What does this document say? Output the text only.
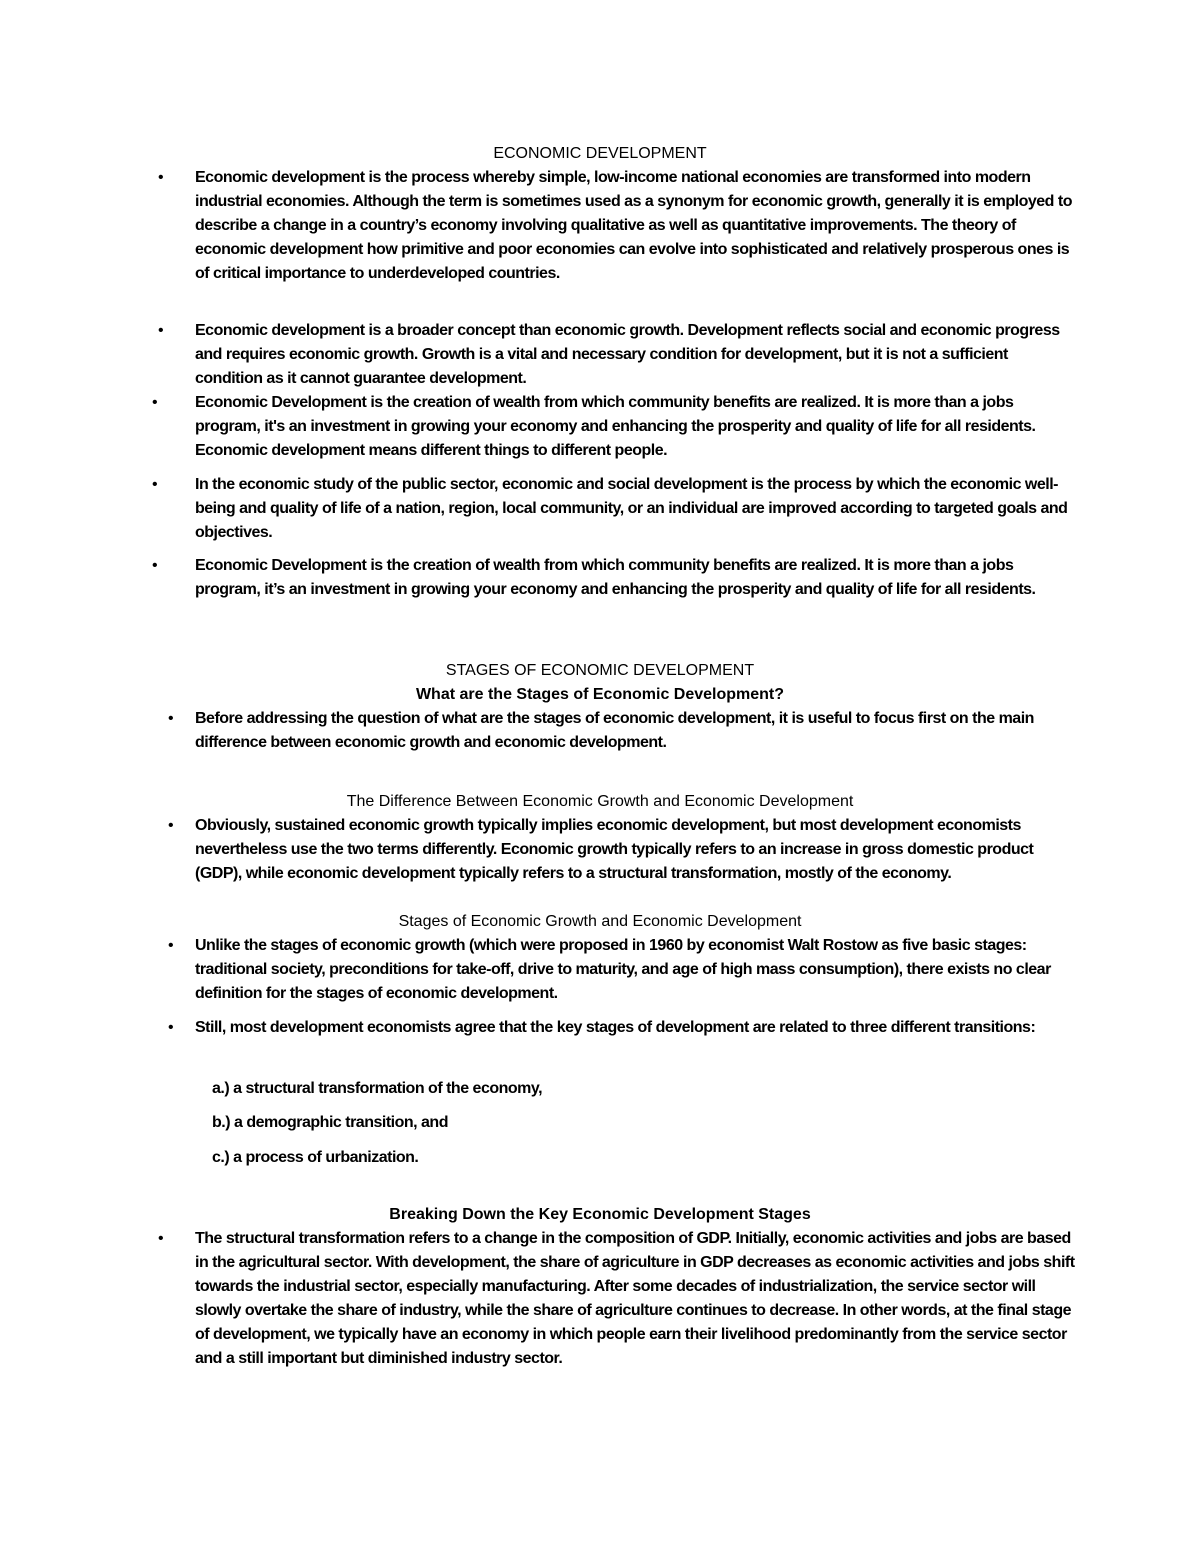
ECONOMIC DEVELOPMENT
• Economic development is the process whereby simple, low-income national economies are transformed into modern industrial economies. Although the term is sometimes used as a synonym for economic growth, generally it is employed to describe a change in a country’s economy involving qualitative as well as quantitative improvements. The theory of economic development how primitive and poor economies can evolve into sophisticated and relatively prosperous ones is of critical importance to underdeveloped countries.
• Economic development is a broader concept than economic growth. Development reflects social and economic progress and requires economic growth. Growth is a vital and necessary condition for development, but it is not a sufficient condition as it cannot guarantee development.
• Economic Development is the creation of wealth from which community benefits are realized. It is more than a jobs program, it's an investment in growing your economy and enhancing the prosperity and quality of life for all residents. Economic development means different things to different people.
• In the economic study of the public sector, economic and social development is the process by which the economic well-being and quality of life of a nation, region, local community, or an individual are improved according to targeted goals and objectives.
• Economic Development is the creation of wealth from which community benefits are realized. It is more than a jobs program, it’s an investment in growing your economy and enhancing the prosperity and quality of life for all residents.
STAGES OF ECONOMIC DEVELOPMENT
What are the Stages of Economic Development?
• Before addressing the question of what are the stages of economic development, it is useful to focus first on the main difference between economic growth and economic development.
The Difference Between Economic Growth and Economic Development
• Obviously, sustained economic growth typically implies economic development, but most development economists nevertheless use the two terms differently. Economic growth typically refers to an increase in gross domestic product (GDP), while economic development typically refers to a structural transformation, mostly of the economy.
Stages of Economic Growth and Economic Development
• Unlike the stages of economic growth (which were proposed in 1960 by economist Walt Rostow as five basic stages: traditional society, preconditions for take-off, drive to maturity, and age of high mass consumption), there exists no clear definition for the stages of economic development.
• Still, most development economists agree that the key stages of development are related to three different transitions:
a.) a structural transformation of the economy,
b.) a demographic transition, and
c.) a process of urbanization.
Breaking Down the Key Economic Development Stages
• The structural transformation refers to a change in the composition of GDP. Initially, economic activities and jobs are based in the agricultural sector. With development, the share of agriculture in GDP decreases as economic activities and jobs shift towards the industrial sector, especially manufacturing. After some decades of industrialization, the service sector will slowly overtake the share of industry, while the share of agriculture continues to decrease. In other words, at the final stage of development, we typically have an economy in which people earn their livelihood predominantly from the service sector and a still important but diminished industry sector.
